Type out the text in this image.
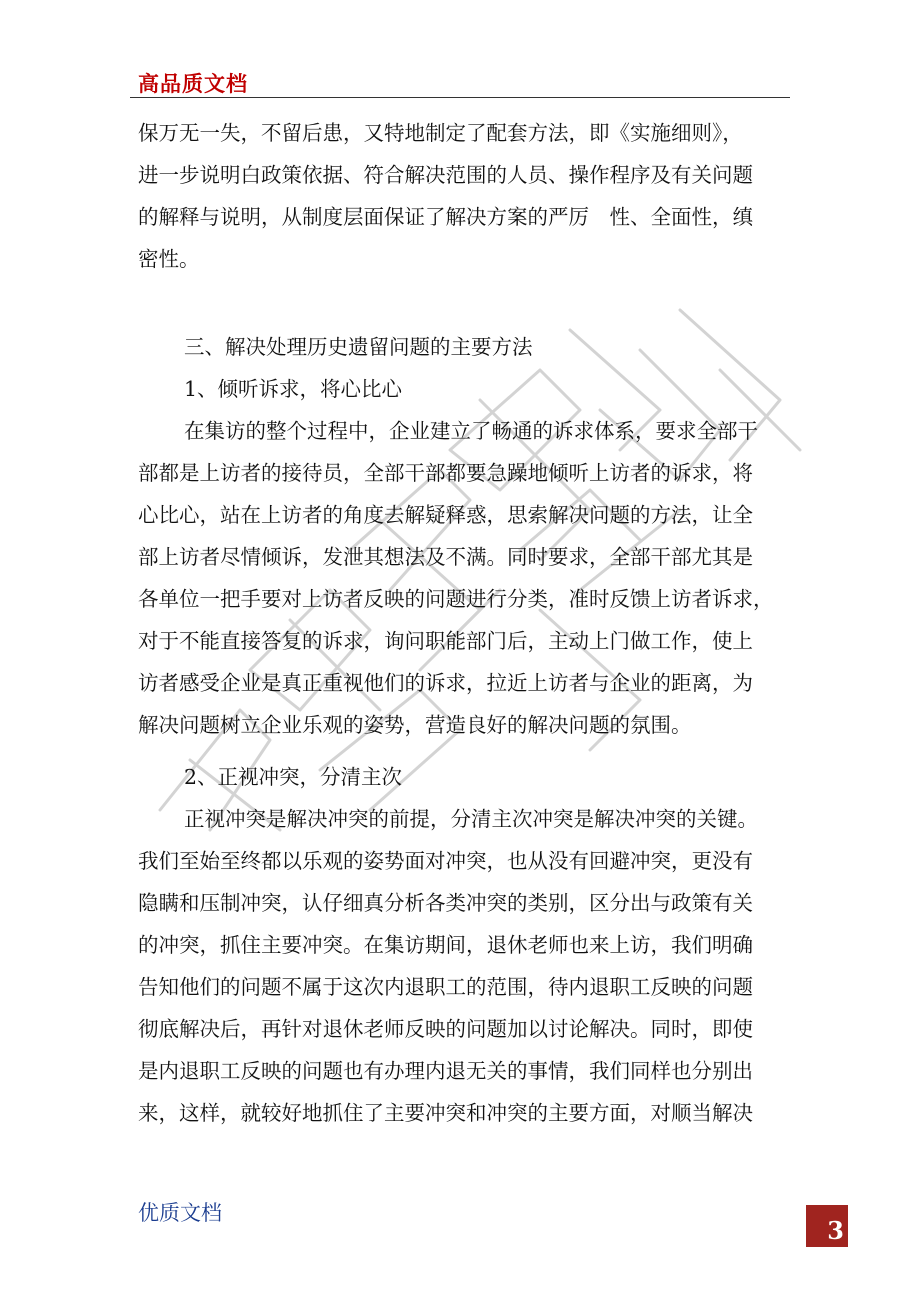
高品质文档
保万无一失，不留后患，又特地制定了配套方法，即《实施细则》，
进一步说明白政策依据、符合解决范围的人员、操作程序及有关问题
的解释与说明，从制度层面保证了解决方案的严厉　性、全面性，缜
密性。
三、解决处理历史遗留问题的主要方法
1、倾听诉求，将心比心
在集访的整个过程中，企业建立了畅通的诉求体系，要求全部干
部都是上访者的接待员，全部干部都要急躁地倾听上访者的诉求，将
心比心，站在上访者的角度去解疑释惑，思索解决问题的方法，让全
部上访者尽情倾诉，发泄其想法及不满。同时要求，全部干部尤其是
各单位一把手要对上访者反映的问题进行分类，准时反馈上访者诉求，
对于不能直接答复的诉求，询问职能部门后，主动上门做工作，使上
访者感受企业是真正重视他们的诉求，拉近上访者与企业的距离，为
解决问题树立企业乐观的姿势，营造良好的解决问题的氛围。
2、正视冲突，分清主次
正视冲突是解决冲突的前提，分清主次冲突是解决冲突的关键。
我们至始至终都以乐观的姿势面对冲突，也从没有回避冲突，更没有
隐瞒和压制冲突，认仔细真分析各类冲突的类别，区分出与政策有关
的冲突，抓住主要冲突。在集访期间，退休老师也来上访，我们明确
告知他们的问题不属于这次内退职工的范围，待内退职工反映的问题
彻底解决后，再针对退休老师反映的问题加以讨论解决。同时，即使
是内退职工反映的问题也有办理内退无关的事情，我们同样也分别出
来，这样，就较好地抓住了主要冲突和冲突的主要方面，对顺当解决
优质文档
3
